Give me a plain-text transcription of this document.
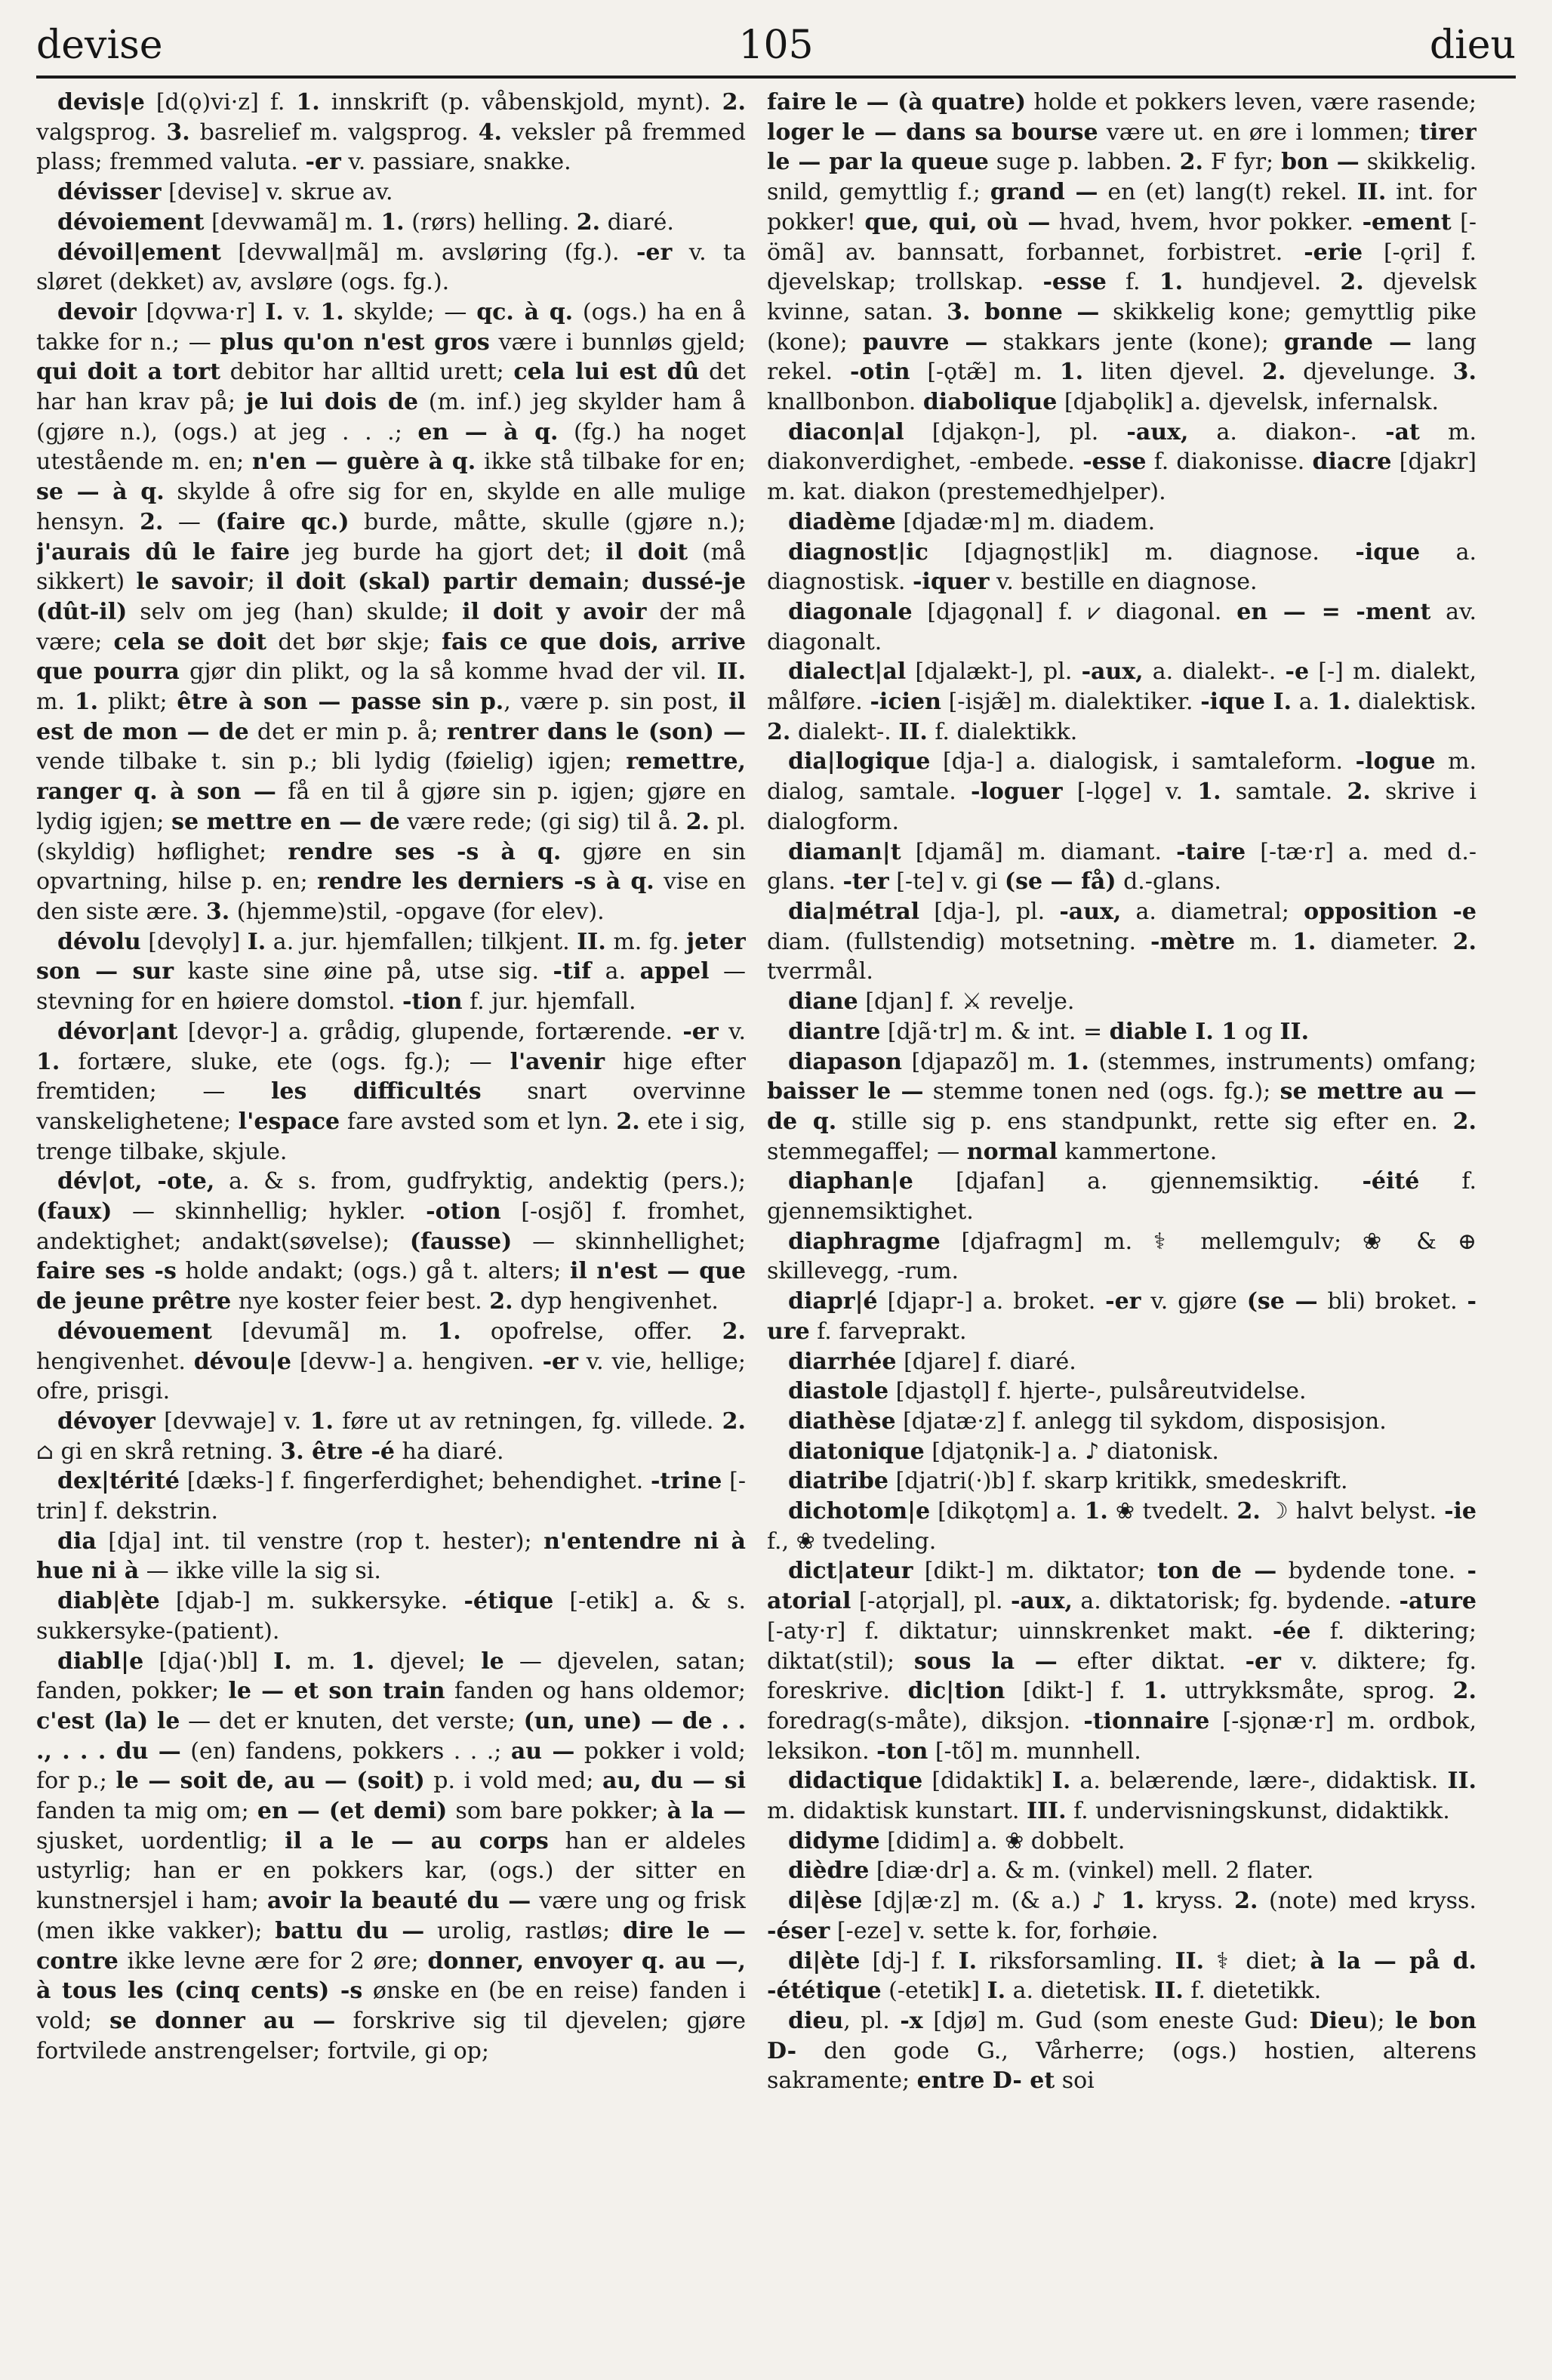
devise	105	dieu

devis|e [d(ǫ)vi·z] f. 1. innskrift (p. våbenskjold, mynt). 2. valgsprog. 3. basrelief m. valgsprog. 4. veksler på fremmed plass; fremmed valuta. -er v. passiare, snakke.

dévisser [devise] v. skrue av.

dévoiement [devwamã] m. 1. (rørs) helling. 2. diaré.

dévoil|ement [devwal|mã] m. avsløring (fg.). -er v. ta sløret (dekket) av, avsløre (ogs. fg.).

devoir [dǫvwa·r] I. v. 1. skylde; — qc. à q. (ogs.) ha en å takke for n.; — plus qu'on n'est gros være i bunnløs gjeld; qui doit a tort debitor har alltid urett; cela lui est dû det har han krav på; je lui dois de (m. inf.) jeg skylder ham å (gjøre n.), (ogs.) at jeg . . .; en — à q. (fg.) ha noget utestående m. en; n'en — guère à q. ikke stå tilbake for en; se — à q. skylde å ofre sig for en, skylde en alle mulige hensyn. 2. — (faire qc.) burde, måtte, skulle (gjøre n.); j'aurais dû le faire jeg burde ha gjort det; il doit (må sikkert) le savoir; il doit (skal) partir demain; dussé-je (dût-il) selv om jeg (han) skulde; il doit y avoir der må være; cela se doit det bør skje; fais ce que dois, arrive que pourra gjør din plikt, og la så komme hvad der vil. II. m. 1. plikt; être à son — passe sin p., være p. sin post, il est de mon — de det er min p. å; rentrer dans le (son) — vende tilbake t. sin p.; bli lydig (føielig) igjen; remettre, ranger q. à son — få en til å gjøre sin p. igjen; gjøre en lydig igjen; se mettre en — de være rede; (gi sig) til å. 2. pl. (skyldig) høflighet; rendre ses -s à q. gjøre en sin opvartning, hilse p. en; rendre les derniers -s à q. vise en den siste ære. 3. (hjemme)stil, -opgave (for elev).

dévolu [devǫly] I. a. jur. hjemfallen; tilkjent. II. m. fg. jeter son — sur kaste sine øine på, utse sig. -tif a. appel — stevning for en høiere domstol. -tion f. jur. hjemfall.

dévor|ant [devǫr-] a. grådig, glupende, fortærende. -er v. 1. fortære, sluke, ete (ogs. fg.); — l'avenir hige efter fremtiden; — les difficultés snart overvinne vanskelighetene; l'espace fare avsted som et lyn. 2. ete i sig, trenge tilbake, skjule.

dév|ot, -ote, a. & s. from, gudfryktig, andektig (pers.); (faux) — skinnhellig; hykler. -otion [-osjõ] f. fromhet, andektighet; andakt(søvelse); (fausse) — skinnhellighet; faire ses -s holde andakt; (ogs.) gå t. alters; il n'est — que de jeune prêtre nye koster feier best. 2. dyp hengivenhet.

dévouement [devumã] m. 1. opofrelse, offer. 2. hengivenhet. dévou|e [devw-] a. hengiven. -er v. vie, hellige; ofre, prisgi.

dévoyer [devwaje] v. 1. føre ut av retningen, fg. villede. 2. ⌂ gi en skrå retning. 3. être -é ha diaré.

dex|térité [dæks-] f. fingerferdighet; behendighet. -trine [-trin] f. dekstrin.

dia [dja] int. til venstre (rop t. hester); n'entendre ni à hue ni à — ikke ville la sig si.

diab|ète [djab-] m. sukkersyke. -étique [-etik] a. & s. sukkersyke-(patient).

diabl|e [dja(·)bl] I. m. 1. djevel; le — djevelen, satan; fanden, pokker; le — et son train fanden og hans oldemor; c'est (la) le — det er knuten, det verste; (un, une) — de . . ., . . . du — (en) fandens, pokkers . . .; au — pokker i vold; for p.; le — soit de, au — (soit) p. i vold med; au, du — si fanden ta mig om; en — (et demi) som bare pokker; à la — sjusket, uordentlig; il a le — au corps han er aldeles ustyrlig; han er en pokkers kar, (ogs.) der sitter en kunstnersjel i ham; avoir la beauté du — være ung og frisk (men ikke vakker); battu du — urolig, rastløs; dire le — contre ikke levne ære for 2 øre; donner, envoyer q. au —, à tous les (cinq cents) -s ønske en (be en reise) fanden i vold; se donner au — forskrive sig til djevelen; gjøre fortvilede anstrengelser; fortvile, gi op;

faire le — (à quatre) holde et pokkers leven, være rasende; loger le — dans sa bourse være ut. en øre i lommen; tirer le — par la queue suge p. labben. 2. F fyr; bon — skikkelig. snild, gemyttlig f.; grand — en (et) lang(t) rekel. II. int. for pokker! que, qui, où — hvad, hvem, hvor pokker. -ement [-ömã] av. bannsatt, forbannet, forbistret. -erie [-ǫri] f. djevelskap; trollskap. -esse f. 1. hundjevel. 2. djevelsk kvinne, satan. 3. bonne — skikkelig kone; gemyttlig pike (kone); pauvre — stakkars jente (kone); grande — lang rekel. -otin [-ǫtæ̃] m. 1. liten djevel. 2. djevelunge. 3. knallbonbon. diabolique [djabǫlik] a. djevelsk, infernalsk.

diacon|al [djakǫn-], pl. -aux, a. diakon-. -at m. diakonverdighet, -embede. -esse f. diakonisse. diacre [djakr] m. kat. diakon (prestemedhjelper).

diadème [djadæ·m] m. diadem.

diagnost|ic [djagnǫst|ik] m. diagnose. -ique a. diagnostisk. -iquer v. bestille en diagnose.

diagonale [djagǫnal] f. ⩗ diagonal. en — = -ment av. diagonalt.

dialect|al [djalækt-], pl. -aux, a. dialekt-. -e [-] m. dialekt, målføre. -icien [-isjæ̃] m. dialektiker. -ique I. a. 1. dialektisk. 2. dialekt-. II. f. dialektikk.

dia|logique [dja-] a. dialogisk, i samtaleform. -logue m. dialog, samtale. -loguer [-lǫge] v. 1. samtale. 2. skrive i dialogform.

diaman|t [djamã] m. diamant. -taire [-tæ·r] a. med d.-glans. -ter [-te] v. gi (se — få) d.-glans.

dia|métral [dja-], pl. -aux, a. diametral; opposition -e diam. (fullstendig) motsetning. -mètre m. 1. diameter. 2. tverrmål.

diane [djan] f. ⚔ revelje.

diantre [djã·tr] m. & int. = diable I. 1 og II.

diapason [djapazõ] m. 1. (stemmes, instruments) omfang; baisser le — stemme tonen ned (ogs. fg.); se mettre au — de q. stille sig p. ens standpunkt, rette sig efter en. 2. stemmegaffel; — normal kammertone.

diaphan|e [djafan] a. gjennemsiktig. -éité f. gjennemsiktighet.

diaphragme [djafragm] m. ⚕ mellemgulv; ❀ & ⊕ skillevegg, -rum.

diapr|é [djapr-] a. broket. -er v. gjøre (se — bli) broket. -ure f. farveprakt.

diarrhée [djare] f. diaré.

diastole [djastǫl] f. hjerte-, pulsåreutvidelse.

diathèse [djatæ·z] f. anlegg til sykdom, disposisjon.

diatonique [djatǫnik-] a. ♪ diatonisk.

diatribe [djatri(·)b] f. skarp kritikk, smedeskrift.

dichotom|e [dikǫtǫm] a. 1. ❀ tvedelt. 2. ☽ halvt belyst. -ie f., ❀ tvedeling.

dict|ateur [dikt-] m. diktator; ton de — bydende tone. -atorial [-atǫrjal], pl. -aux, a. diktatorisk; fg. bydende. -ature [-aty·r] f. diktatur; uinnskrenket makt. -ée f. diktering; diktat(stil); sous la — efter diktat. -er v. diktere; fg. foreskrive. dic|tion [dikt-] f. 1. uttrykksmåte, sprog. 2. foredrag(s-måte), diksjon. -tionnaire [-sjǫnæ·r] m. ordbok, leksikon. -ton [-tõ] m. munnhell.

didactique [didaktik] I. a. belærende, lære-, didaktisk. II. m. didaktisk kunstart. III. f. undervisningskunst, didaktikk.

didyme [didim] a. ❀ dobbelt.

dièdre [diæ·dr] a. & m. (vinkel) mell. 2 flater.

di|èse [dj|æ·z] m. (& a.) ♪ 1. kryss. 2. (note) med kryss. -éser [-eze] v. sette k. for, forhøie.

di|ète [dj-] f. I. riksforsamling. II. ⚕ diet; à la — på d. -ététique (-etetik] I. a. dietetisk. II. f. dietetikk.

dieu, pl. -x [djø] m. Gud (som eneste Gud: Dieu); le bon D- den gode G., Vårherre; (ogs.) hostien, alterens sakramente; entre D- et soi
